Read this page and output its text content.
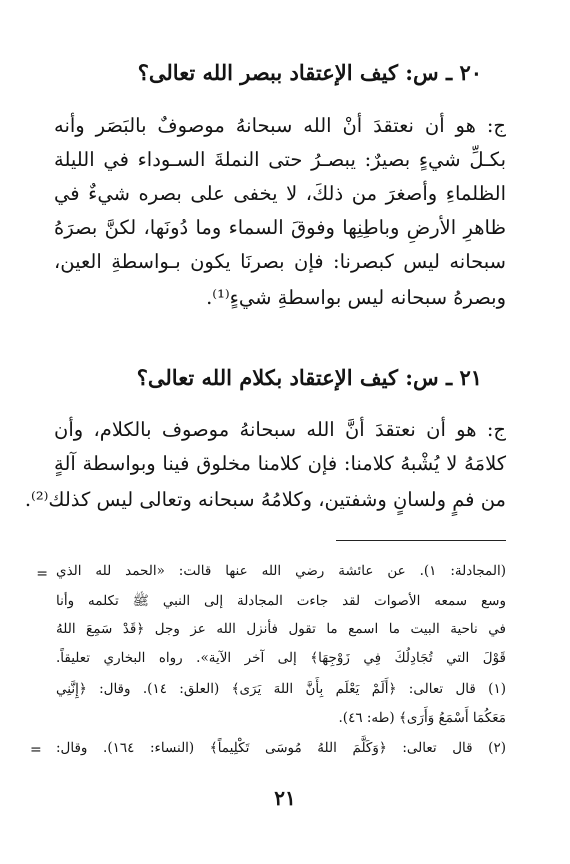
٢٠ ـ س: كيف الإعتقاد ببصر الله تعالى؟
ج: هو أن نعتقدَ أنْ الله سبحانهُ موصوفٌ بالبَصَر وأنه
بكـلِّ شيءٍ بصيرٌ: يبصـرُ حتى النملةَ السـوداء في الليلة
الظلماءِ وأصغرَ من ذلكَ، لا يخفى على بصره شيءٌ في
ظاهرِ الأرضِ وباطِنِها وفوقَ السماء وما دُونَها، لكنَّ بصرَهُ
سبحانه ليس كبصرنا: فإن بصرنَا يكون بـواسطةِ العين،
وبصرهُ سبحانه ليس بواسطةِ شيءٍ⁽¹⁾.
٢١ ـ س: كيف الإعتقاد بكلام الله تعالى؟
ج: هو أن نعتقدَ أنَّ الله سبحانهُ موصوف بالكلام، وأن
كلامَهُ لا يُشْبهُ كلامنا: فإن كلامنا مخلوق فينا وبواسطة آلةٍ
من فمٍ ولسانٍ وشفتين، وكلامُهُ سبحانه وتعالى ليس كذلك⁽²⁾.
= (المجادلة: ١). عن عائشة رضي الله عنها قالت: «الحمد لله الذي
وسع سمعه الأصوات لقد جاءت المجادلة إلى النبي ﷺ تكلمه وأنا
في ناحية البيت ما اسمع ما تقول فأنزل الله عز وجل ﴿قَدْ سَمِعَ اللهُ
قَوْلَ التي تُجَادِلُكَ فِي زَوْجِهَا﴾ إلى آخر الآية». رواه البخاري تعليقاً.
(١) قال تعالى: ﴿أَلَمْ يَعْلَم بِأَنَّ اللهَ يَرَى﴾ (العلق: ١٤). وقال: ﴿إِنَّنِي
مَعَكُمَا أَسْمَعُ وَأَرَى﴾ (طه: ٤٦).
(٢) قال تعالى: ﴿وَكَلَّمَ اللهُ مُوسَى تَكْلِيماً﴾ (النساء: ١٦٤). وقال:
=
٢١
